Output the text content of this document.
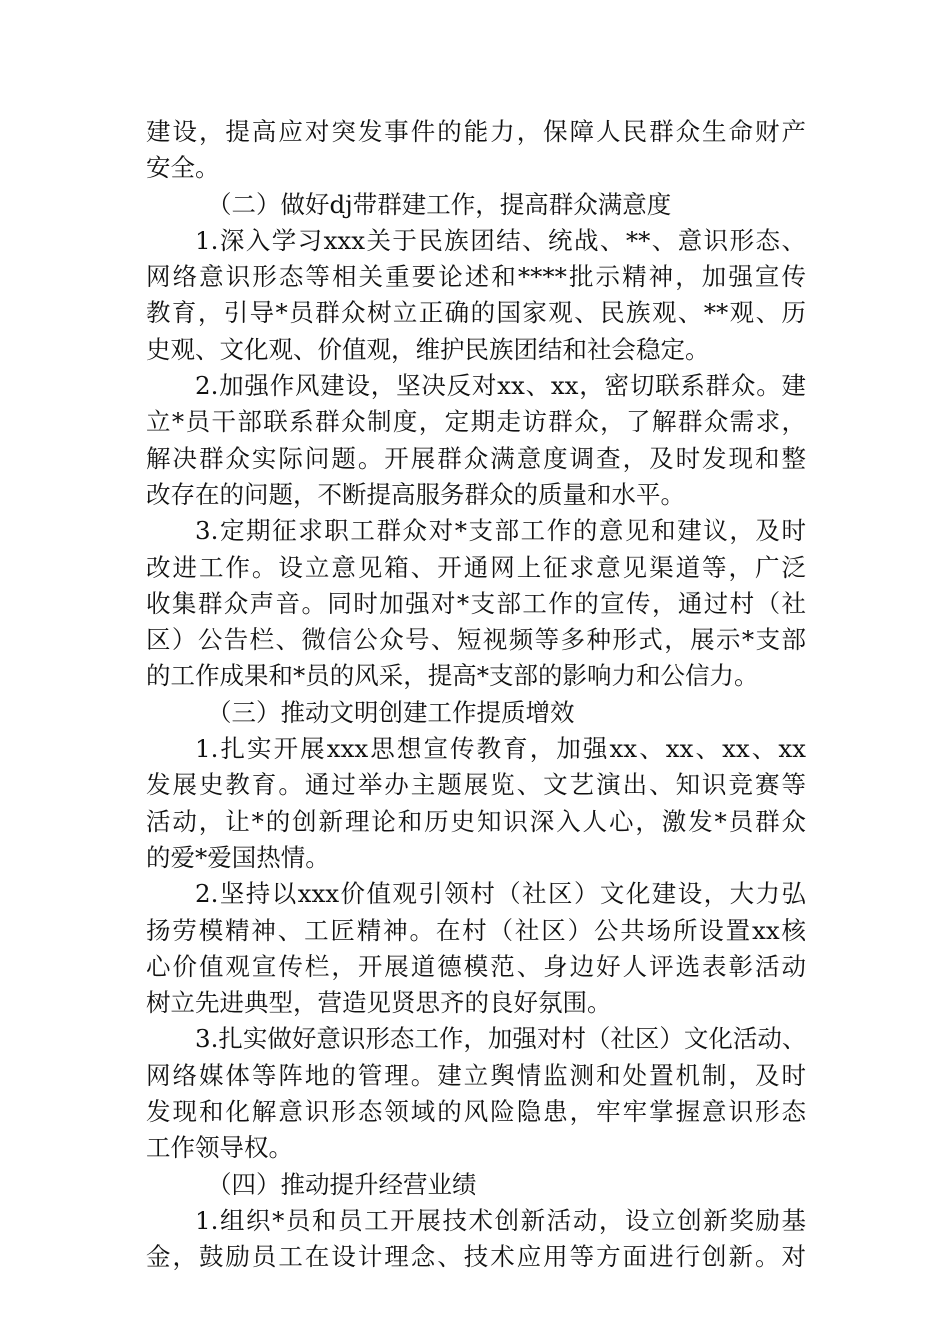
建设，提高应对突发事件的能力，保障人民群众生命财产
安全。
（二）做好dj带群建工作，提高群众满意度
1.深入学习xxx关于民族团结、统战、**、意识形态、
网络意识形态等相关重要论述和****批示精神，加强宣传
教育，引导*员群众树立正确的国家观、民族观、**观、历
史观、文化观、价值观，维护民族团结和社会稳定。
2.加强作风建设，坚决反对xx、xx，密切联系群众。建
立*员干部联系群众制度，定期走访群众，了解群众需求，
解决群众实际问题。开展群众满意度调查，及时发现和整
改存在的问题，不断提高服务群众的质量和水平。
3.定期征求职工群众对*支部工作的意见和建议，及时
改进工作。设立意见箱、开通网上征求意见渠道等，广泛
收集群众声音。同时加强对*支部工作的宣传，通过村（社
区）公告栏、微信公众号、短视频等多种形式，展示*支部
的工作成果和*员的风采，提高*支部的影响力和公信力。
（三）推动文明创建工作提质增效
1.扎实开展xxx思想宣传教育，加强xx、xx、xx、xx
发展史教育。通过举办主题展览、文艺演出、知识竞赛等
活动，让*的创新理论和历史知识深入人心，激发*员群众
的爱*爱国热情。
2.坚持以xxx价值观引领村（社区）文化建设，大力弘
扬劳模精神、工匠精神。在村（社区）公共场所设置xx核
心价值观宣传栏，开展道德模范、身边好人评选表彰活动
树立先进典型，营造见贤思齐的良好氛围。
3.扎实做好意识形态工作，加强对村（社区）文化活动、
网络媒体等阵地的管理。建立舆情监测和处置机制，及时
发现和化解意识形态领域的风险隐患，牢牢掌握意识形态
工作领导权。
（四）推动提升经营业绩
1.组织*员和员工开展技术创新活动，设立创新奖励基
金，鼓励员工在设计理念、技术应用等方面进行创新。对
